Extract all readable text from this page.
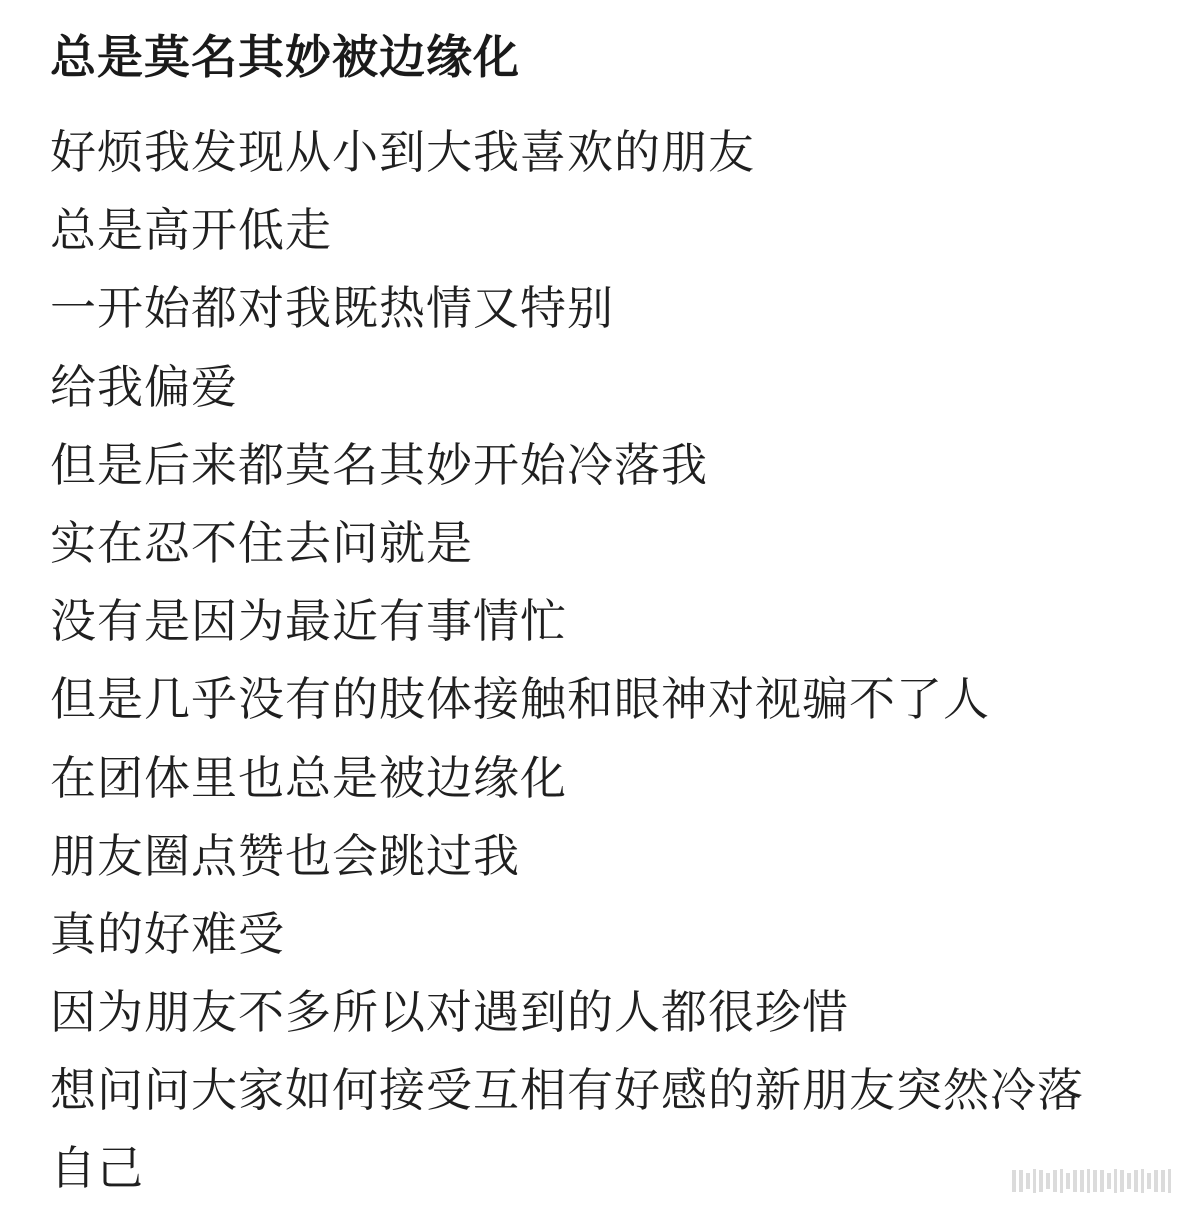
总是莫名其妙被边缘化
好烦我发现从小到大我喜欢的朋友
总是高开低走
一开始都对我既热情又特别
给我偏爱
但是后来都莫名其妙开始冷落我
实在忍不住去问就是
没有是因为最近有事情忙
但是几乎没有的肢体接触和眼神对视骗不了人
在团体里也总是被边缘化
朋友圈点赞也会跳过我
真的好难受
因为朋友不多所以对遇到的人都很珍惜
想问问大家如何接受互相有好感的新朋友突然冷落
自己
